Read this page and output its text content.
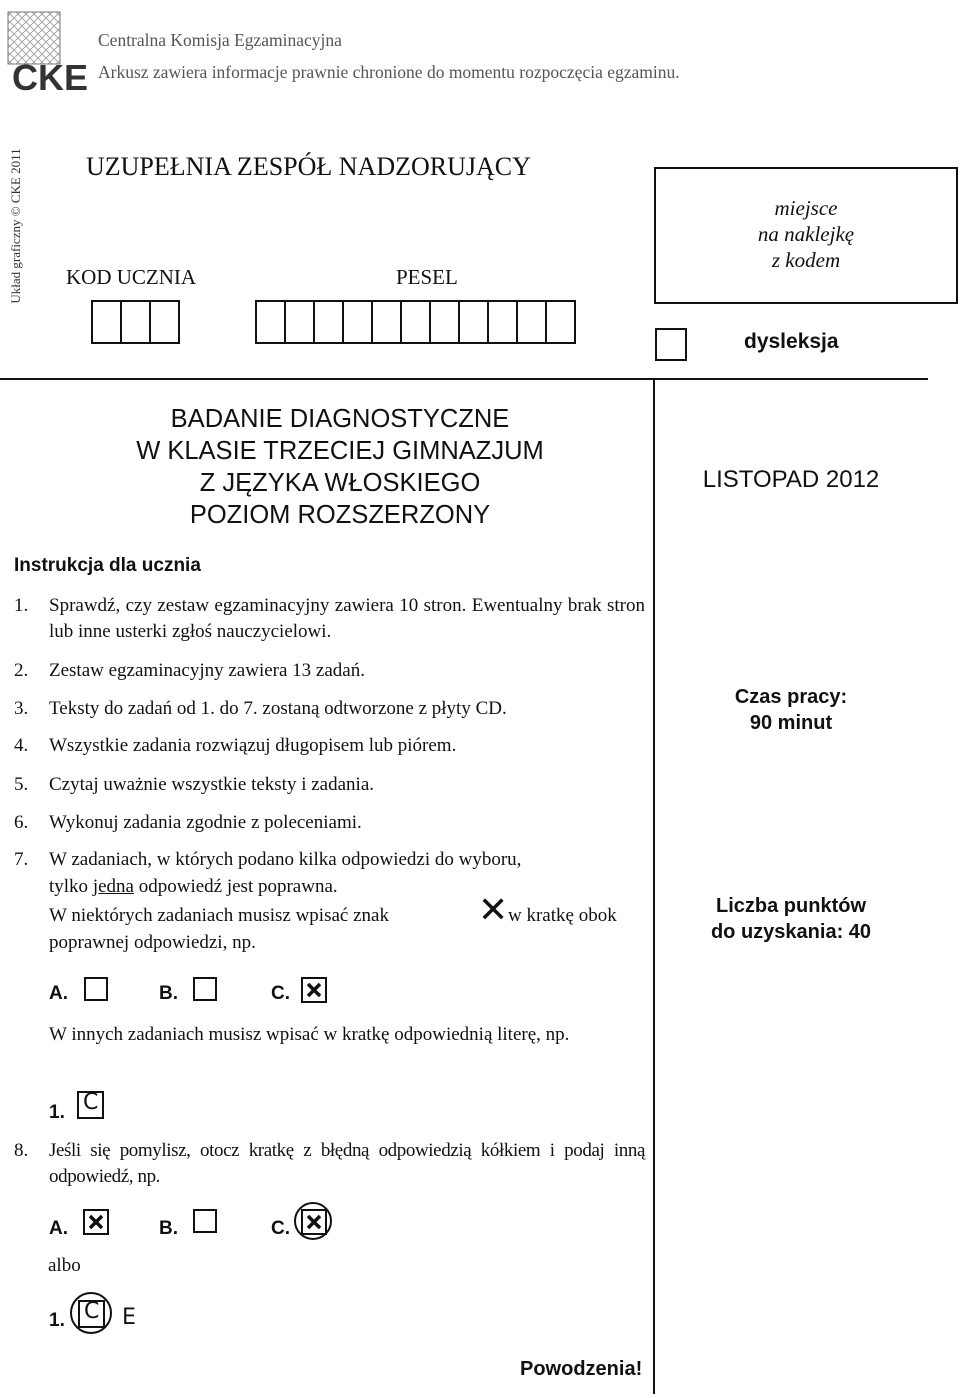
CKE
Centralna Komisja Egzaminacyjna
Arkusz zawiera informacje prawnie chronione do momentu rozpoczęcia egzaminu.
Układ graficzny © CKE 2011 UZUPEŁNIA ZESPÓŁ NADZORUJĄCY
KOD UCZNIA	PESEL
miejsce
na naklejkę
z kodem
dysleksja
BADANIE DIAGNOSTYCZNE
W KLASIE TRZECIEJ GIMNAZJUM
Z JĘZYKA WŁOSKIEGO
POZIOM ROZSZERZONY
LISTOPAD 2012
Instrukcja dla ucznia
1. Sprawdź, czy zestaw egzaminacyjny zawiera 10 stron. Ewentualny brak stron lub inne usterki zgłoś nauczycielowi.
2. Zestaw egzaminacyjny zawiera 13 zadań.
3. Teksty do zadań od 1. do 7. zostaną odtworzone z płyty CD.
4. Wszystkie zadania rozwiązuj długopisem lub piórem.
5. Czytaj uważnie wszystkie teksty i zadania.
6. Wykonuj zadania zgodnie z poleceniami.
7. W zadaniach, w których podano kilka odpowiedzi do wyboru,
tylko jedna odpowiedź jest poprawna.
W niektórych zadaniach musisz wpisać znak ✕ w kratkę obok
poprawnej odpowiedzi, np.
A.	B.	C.
W innych zadaniach musisz wpisać w kratkę odpowiednią literę, np.
1. C
8. Jeśli się pomylisz, otocz kratkę z błędną odpowiedzią kółkiem i podaj inną odpowiedź, np.
A.	B.	C.
albo
1. C E
Czas pracy:
90 minut
Liczba punktów
do uzyskania: 40
Powodzenia!
